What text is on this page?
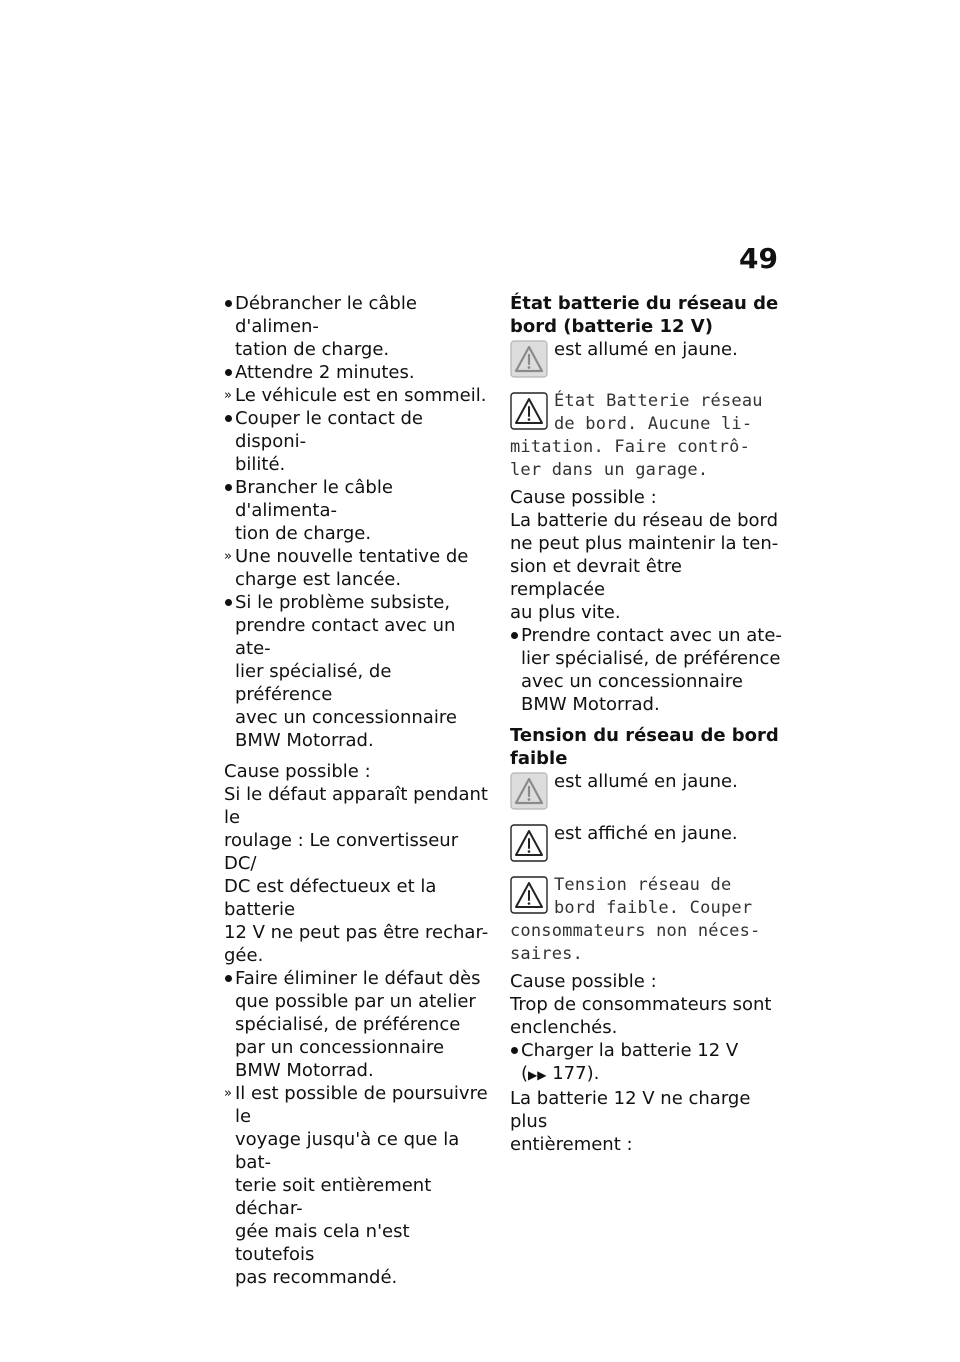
49
Débrancher le câble d'alimen-
tation de charge.
Attendre 2 minutes.
» Le véhicule est en sommeil.
Couper le contact de disponi-
bilité.
Brancher le câble d'alimenta-
tion de charge.
» Une nouvelle tentative de
charge est lancée.
Si le problème subsiste,
prendre contact avec un ate-
lier spécialisé, de préférence
avec un concessionnaire
BMW Motorrad.

Cause possible :

Si le défaut apparaît pendant le
roulage : Le convertisseur DC/
DC est défectueux et la batterie
12 V ne peut pas être rechar-
gée.

Faire éliminer le défaut dès
que possible par un atelier
spécialisé, de préférence
par un concessionnaire
BMW Motorrad.
» Il est possible de poursuivre le
voyage jusqu'à ce que la bat-
terie soit entièrement déchar-
gée mais cela n'est toutefois
pas recommandé.

État batterie du réseau de
bord (batterie 12 V)

est allumé en jaune.
État Batterie réseau
de bord. Aucune li-
mitation. Faire contrô-
ler dans un garage.

Cause possible :

La batterie du réseau de bord
ne peut plus maintenir la ten-
sion et devrait être remplacée
au plus vite.

Prendre contact avec un ate-
lier spécialisé, de préférence
avec un concessionnaire
BMW Motorrad.

Tension du réseau de bord
faible

est allumé en jaune.
est affiché en jaune.
Tension réseau de
bord faible. Couper
consommateurs non néces-
saires.

Cause possible :

Trop de consommateurs sont
enclenchés.

Charger la batterie 12 V
(▶▶ 177).

La batterie 12 V ne charge plus
entièrement :
